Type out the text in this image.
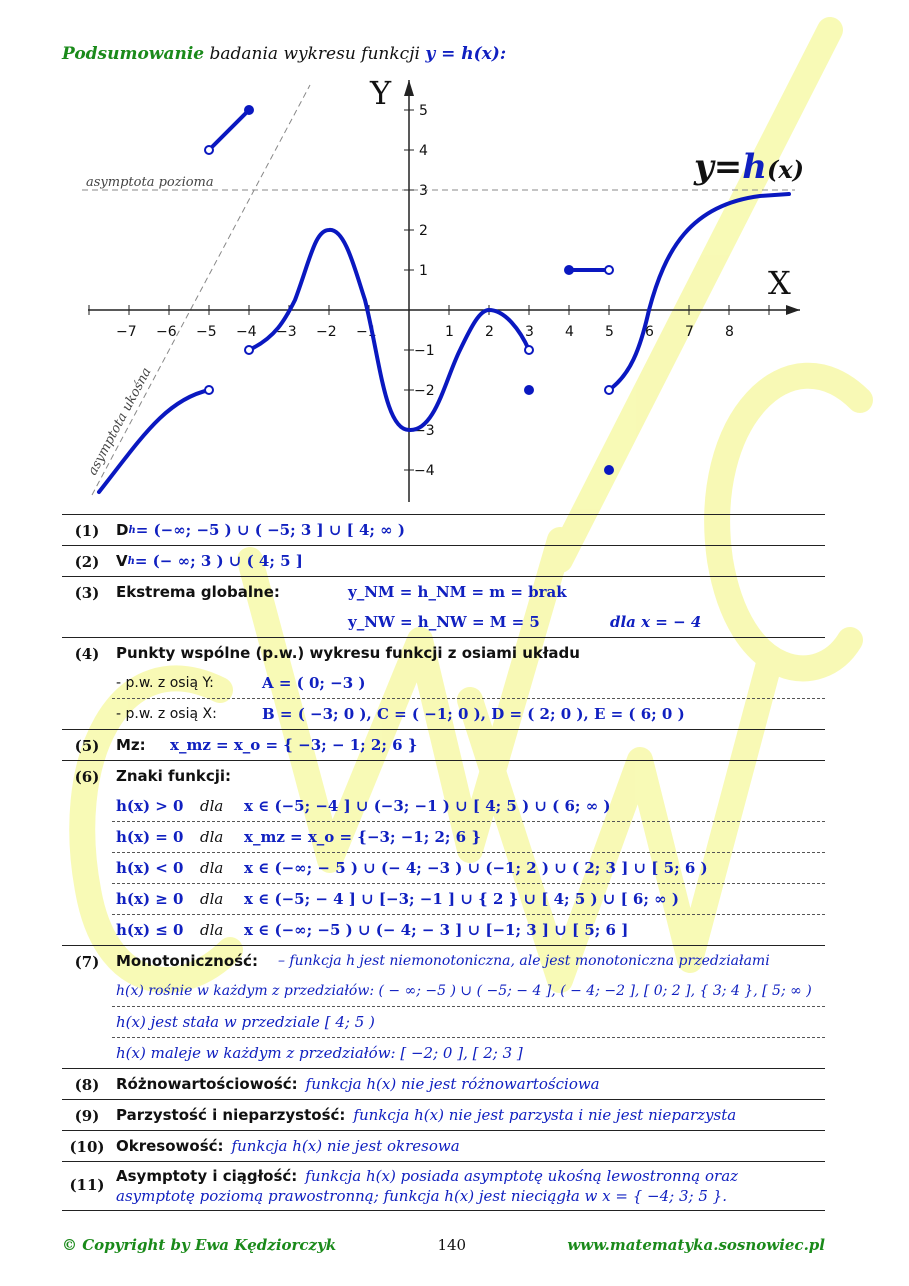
Podsumowanie badania wykresu funkcji y = h(x):
asymptota pozioma
asymptota ukośna
Y
X
−7 −6 −5 −4 −3 −2 −1	1 2 3 4 5 6 7 8
5
4
3
2
1
−1
−2
−3
−4
y=h(x)
(1)	D h = (−∞; −5 ) ∪ ( −5; 3 ] ∪ [ 4; ∞ )
(2)	V h = (− ∞; 3 ) ∪ ( 4; 5 ]
(3)	Ekstrema globalne:	y_NM = h_NM = m = brak
y_NW = h_NW = M = 5	dla x = − 4
(4)	Punkty wspólne (p.w.) wykresu funkcji z osiami układu
- p.w. z osią Y:	A = ( 0; −3 )
- p.w. z osią X:	B = ( −3; 0 ), C = ( −1; 0 ), D = ( 2; 0 ), E = ( 6; 0 )
(5)	Mz:	x_mz = x_o = { −3; − 1; 2; 6 }
(6)	Znaki funkcji:
h(x) > 0	dla	x ∈ (−5; −4 ] ∪ (−3; −1 ) ∪ [ 4; 5 ) ∪ ( 6; ∞ )
h(x) = 0	dla	x_mz = x_o = {−3; −1; 2; 6 }
h(x) < 0	dla	x ∈ (−∞; − 5 ) ∪ (− 4; −3 ) ∪ (−1; 2 ) ∪ ( 2; 3 ] ∪ [ 5; 6 )
h(x) ≥ 0	dla	x ∈ (−5; − 4 ] ∪ [−3; −1 ] ∪ { 2 } ∪ [ 4; 5 ) ∪ [ 6; ∞ )
h(x) ≤ 0	dla	x ∈ (−∞; −5 ) ∪ (− 4; − 3 ] ∪ [−1; 3 ] ∪ [ 5; 6 ]
(7)	Monotoniczność: – funkcja h jest niemonotoniczna, ale jest monotoniczna przedziałami
h(x) rośnie w każdym z przedziałów: ( − ∞; −5 ) ∪ ( −5; − 4 ], ( − 4; −2 ], [ 0; 2 ], { 3; 4 }, [ 5; ∞ )
h(x) jest stała w przedziale [ 4; 5 )
h(x) maleje w każdym z przedziałów: [ −2; 0 ], [ 2; 3 ]
(8)	Różnowartościowość: funkcja h(x) nie jest różnowartościowa
(9)	Parzystość i nieparzystość: funkcja h(x) nie jest parzysta i nie jest nieparzysta
(10) Okresowość: funkcja h(x) nie jest okresowa
(11) Asymptoty i ciągłość: funkcja h(x) posiada asymptotę ukośną lewostronną oraz
asymptotę poziomą prawostronną; funkcja h(x) jest nieciągła w x = { −4; 3; 5 }.
© Copyright by Ewa Kędziorczyk	140	www.matematyka.sosnowiec.pl
